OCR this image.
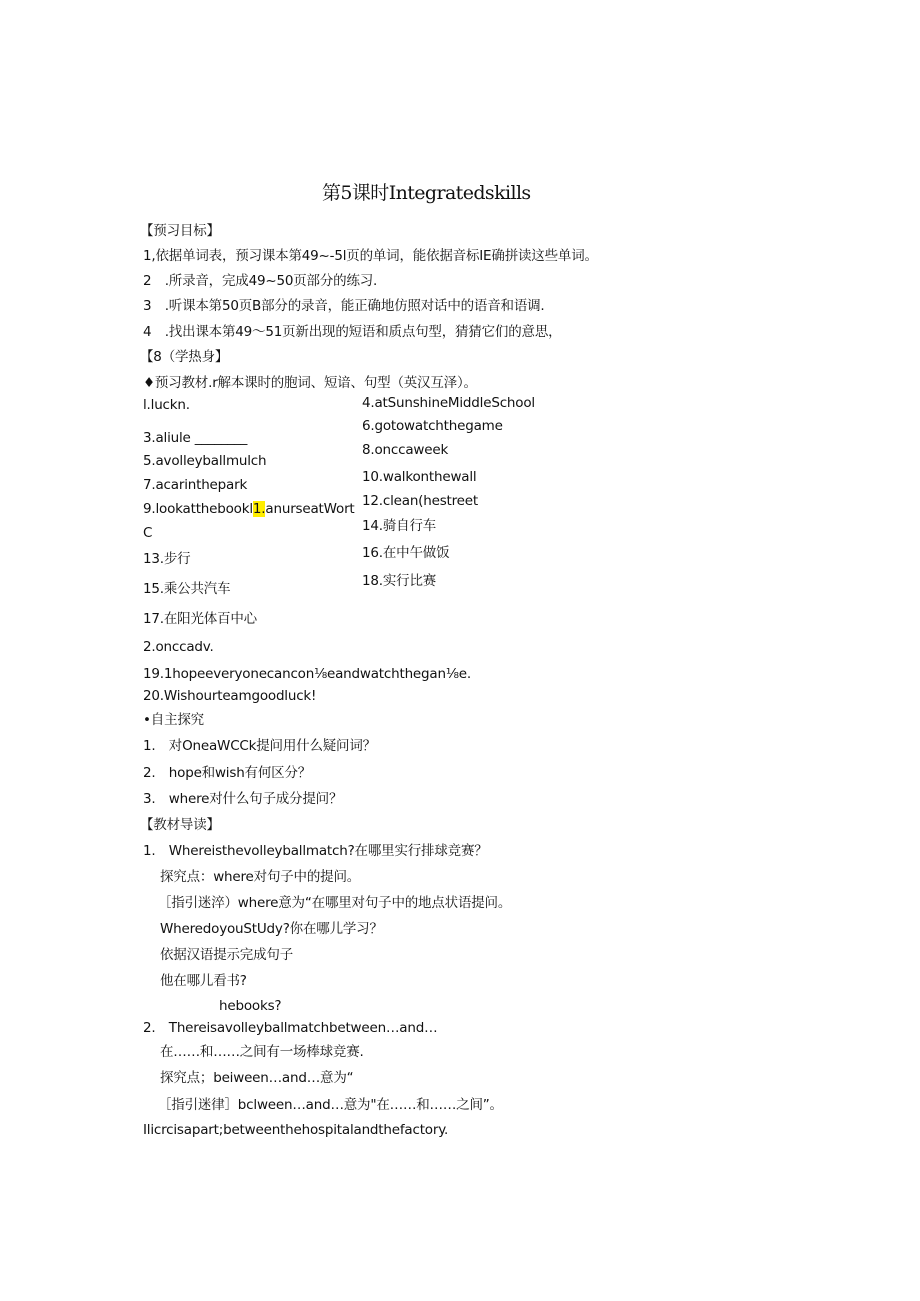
第5课时Integratedskills
【预习目标】
1,依据单词表，预习课本第49~-5l页的单词，能依据音标IE确拼读这些单词。
2　.所录音，完成49~50页部分的练习.
3　.听课本第50页B部分的录音，能正确地仿照对话中的语音和语调.
4　.找出课本第49～51页新出现的短语和质点句型，猜猜它们的意思，
【8（学热身】
♦预习教材.r解本课时的胞词、短谙、句型（英汉互泽）。
l.luckn.	4.atSunshineMiddleSchool
6.gotowatchthegame
3.aliule ________
8.onccaweek
5.avolleyballmulch
10.walkonthewall
7.acarinthepark
12.clean(hestreet
9.lookatthebookl1.anurseatWort
14.骑自行车
C
16.在中午做饭
13.步行
18.实行比赛
15.乘公共汽车
17.在阳光体百中心
2.onccadv.
19.1hopeeveryonecancon⅛eandwatchthegan⅛e.
20.Wishourteamgoodluck!
•自主探究
1.　对OneaWCCk提问用什么疑问词？
2.　hope和wish有何区分？
3.　where对什么句子成分提问？
【教材导读】
1.　Whereisthevolleyballmatch?在哪里实行排球竞赛？
探究点：where对句子中的提问。
［指引迷淬）where意为“在哪里对句子中的地点状语提问。
WheredoyouStUdy?你在哪儿学习？
依据汉语提示完成句子
他在哪儿看书?
hebooks?
2.　Thereisavolleyballmatchbetween…and…
在……和……之间有一场棒球竞赛.
探究点；beiween…and…意为“
［指引迷律］bclween…and…意为"在……和……之间”。
Ilicrcisapart;betweenthehospitalandthefactory.
